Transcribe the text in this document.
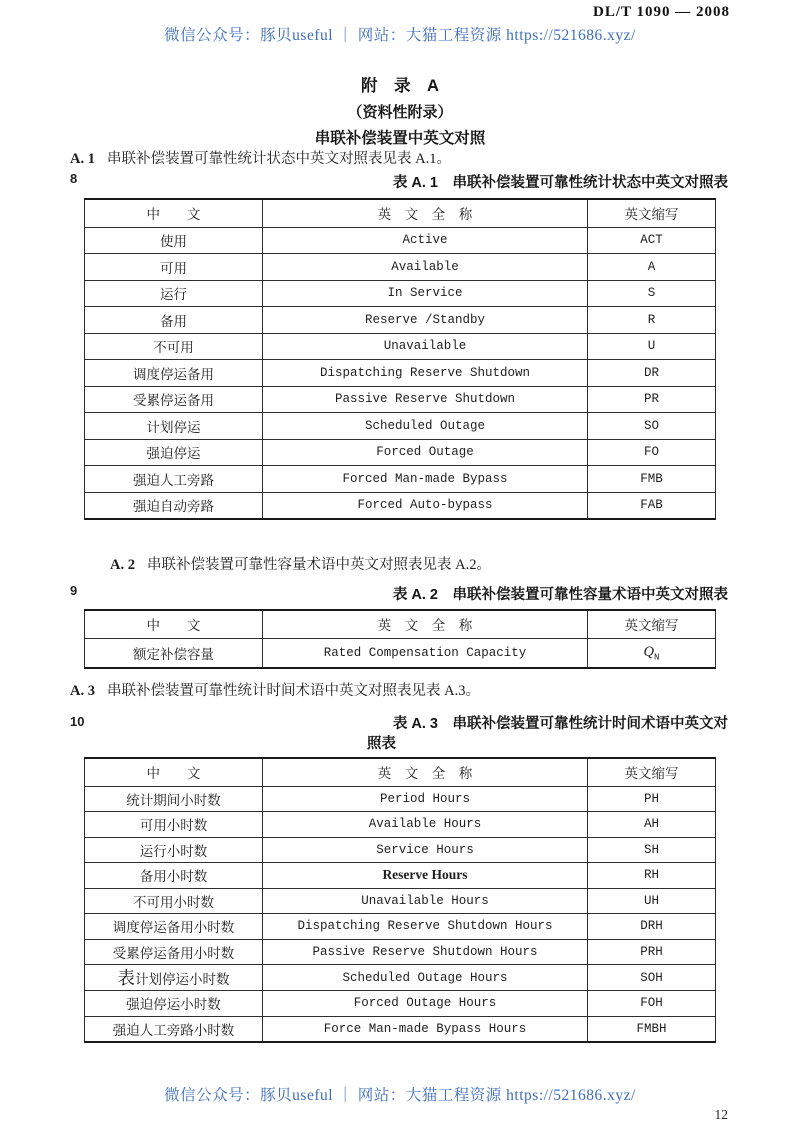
DL/T 1090 — 2008
微信公众号：豚贝useful ｜ 网站：大猫工程资源 https://521686.xyz/
附　录　A
（资料性附录）
串联补偿装置中英文对照

A. 1 串联补偿装置可靠性统计状态中英文对照表见表 A.1。

8	表 A. 1　串联补偿装置可靠性统计状态中英文对照表
中　　文	英　文　全　称	英文缩写
使用	Active	ACT
可用	Available	A
运行	In Service	S
备用	Reserve /Standby	R
不可用	Unavailable	U
调度停运备用	Dispatching Reserve Shutdown	DR
受累停运备用	Passive Reserve Shutdown	PR
计划停运	Scheduled Outage	SO
强迫停运	Forced Outage	FO
强迫人工旁路	Forced Man-made Bypass	FMB
强迫自动旁路	Forced Auto-bypass	FAB

A. 2 串联补偿装置可靠性容量术语中英文对照表见表 A.2。

9	表 A. 2　串联补偿装置可靠性容量术语中英文对照表
中　　文	英　文　全　称	英文缩写
额定补偿容量	Rated Compensation Capacity	$Q_N$

A. 3 串联补偿装置可靠性统计时间术语中英文对照表见表 A.3。

10	表 A. 3　串联补偿装置可靠性统计时间术语中英文对
照表
中　　文	英　文　全　称	英文缩写
统计期间小时数	Period Hours	PH
可用小时数	Available Hours	AH
运行小时数	Service Hours	SH
备用小时数	Reserve Hours	RH
不可用小时数	Unavailable Hours	UH
调度停运备用小时数	Dispatching Reserve Shutdown Hours	DRH
受累停运备用小时数	Passive Reserve Shutdown Hours	PRH
表计划停运小时数	Scheduled Outage Hours	SOH
强迫停运小时数	Forced Outage Hours	FOH
强迫人工旁路小时数	Force Man-made Bypass Hours	FMBH
微信公众号：豚贝useful ｜ 网站：大猫工程资源 https://521686.xyz/
12
